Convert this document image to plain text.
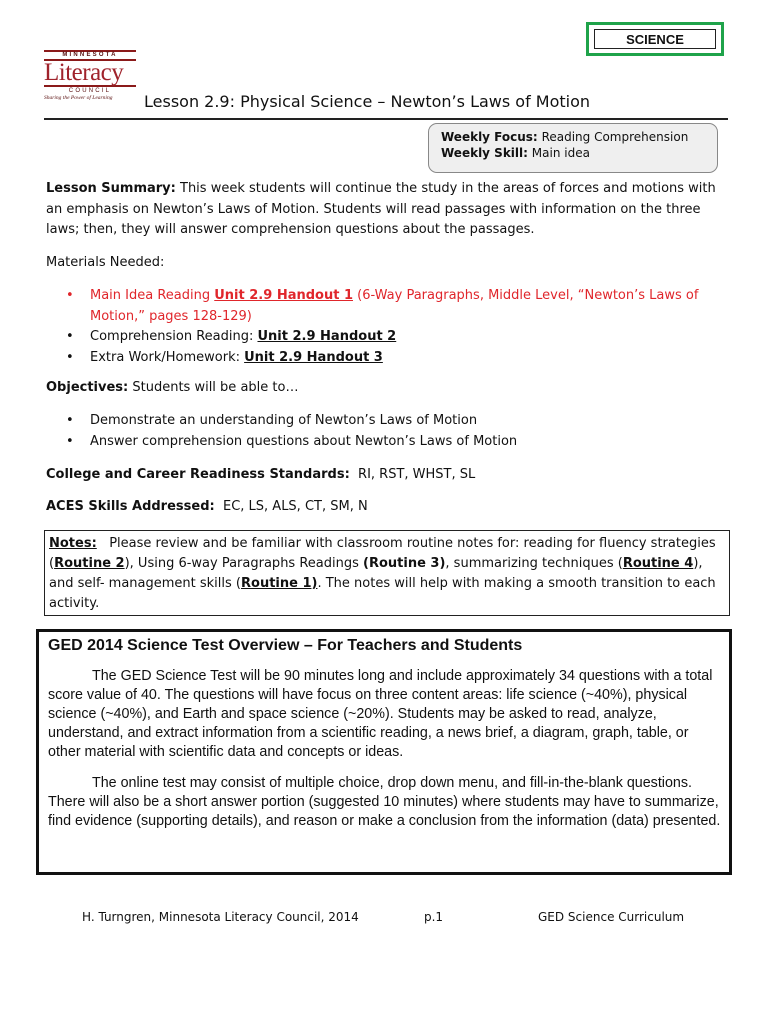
SCIENCE
MINNESOTA
Literacy
COUNCIL
Sharing the Power of Learning	Lesson 2.9: Physical Science – Newton’s Laws of Motion
Weekly Focus: Reading Comprehension
Weekly Skill: Main idea
Lesson Summary: This week students will continue the study in the areas of forces and motions with an emphasis on Newton’s Laws of Motion. Students will read passages with information on the three laws; then, they will answer comprehension questions about the passages.
Materials Needed:
• Main Idea Reading Unit 2.9 Handout 1 (6-Way Paragraphs, Middle Level, “Newton’s Laws of Motion,” pages 128-129)
• Comprehension Reading: Unit 2.9 Handout 2
• Extra Work/Homework: Unit 2.9 Handout 3
Objectives: Students will be able to…
• Demonstrate an understanding of Newton’s Laws of Motion
• Answer comprehension questions about Newton’s Laws of Motion
College and Career Readiness Standards: RI, RST, WHST, SL
ACES Skills Addressed: EC, LS, ALS, CT, SM, N
Notes: Please review and be familiar with classroom routine notes for: reading for fluency strategies (Routine 2), Using 6-way Paragraphs Readings (Routine 3), summarizing techniques (Routine 4), and self- management skills (Routine 1). The notes will help with making a smooth transition to each activity.
GED 2014 Science Test Overview – For Teachers and Students

The GED Science Test will be 90 minutes long and include approximately 34 questions with a total score value of 40. The questions will have focus on three content areas: life science (~40%), physical science (~40%), and Earth and space science (~20%). Students may be asked to read, analyze, understand, and extract information from a scientific reading, a news brief, a diagram, graph, table, or other material with scientific data and concepts or ideas.

The online test may consist of multiple choice, drop down menu, and fill-in-the-blank questions. There will also be a short answer portion (suggested 10 minutes) where students may have to summarize, find evidence (supporting details), and reason or make a conclusion from the information (data) presented.

H. Turngren, Minnesota Literacy Council, 2014	p.1	GED Science Curriculum
